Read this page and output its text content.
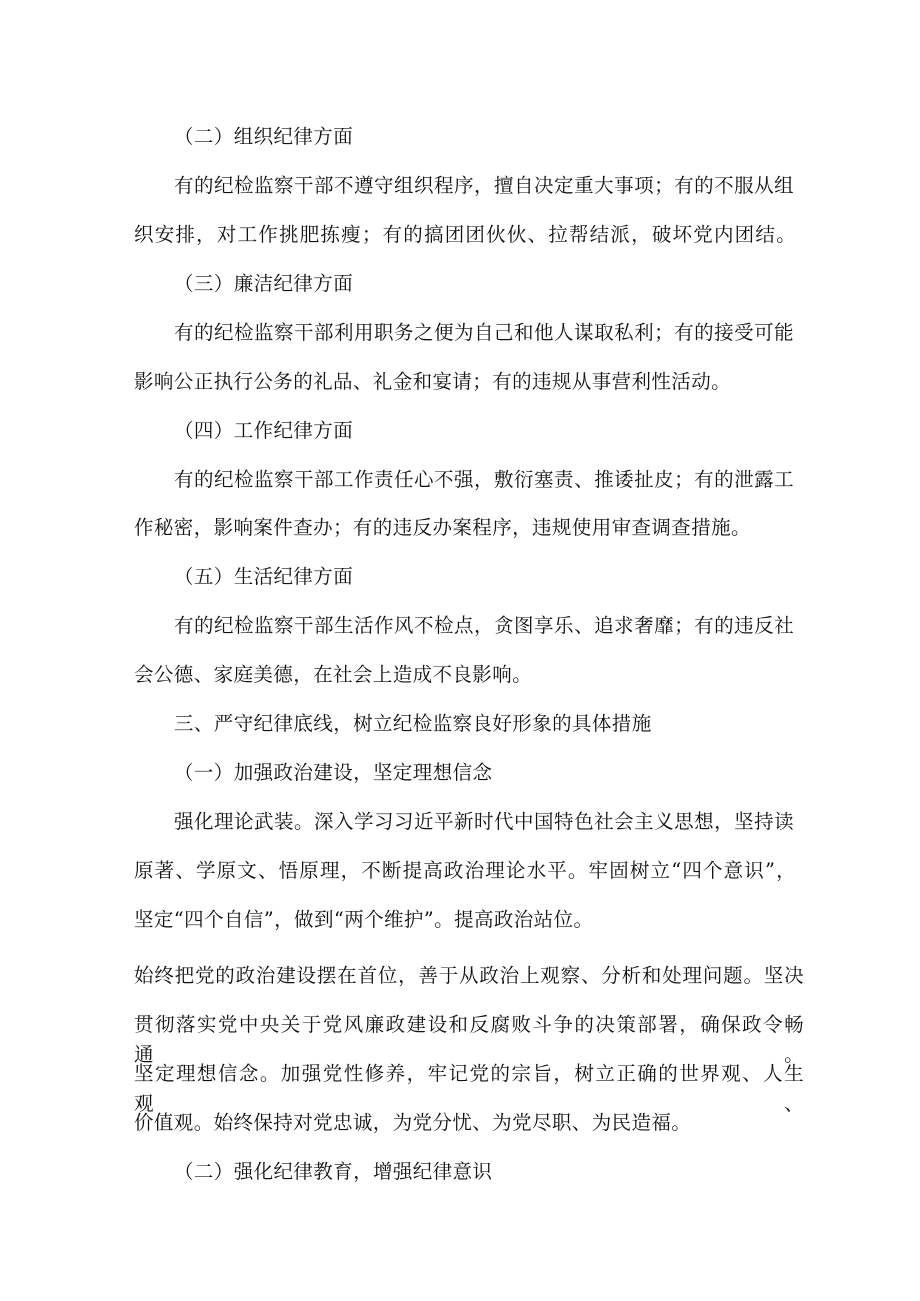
（二）组织纪律方面
有的纪检监察干部不遵守组织程序，擅自决定重大事项；有的不服从组
织安排，对工作挑肥拣瘦；有的搞团团伙伙、拉帮结派，破坏党内团结。
（三）廉洁纪律方面
有的纪检监察干部利用职务之便为自己和他人谋取私利；有的接受可能
影响公正执行公务的礼品、礼金和宴请；有的违规从事营利性活动。
（四）工作纪律方面
有的纪检监察干部工作责任心不强，敷衍塞责、推诿扯皮；有的泄露工
作秘密，影响案件查办；有的违反办案程序，违规使用审查调查措施。
（五）生活纪律方面
有的纪检监察干部生活作风不检点，贪图享乐、追求奢靡；有的违反社
会公德、家庭美德，在社会上造成不良影响。
三、严守纪律底线，树立纪检监察良好形象的具体措施
（一）加强政治建设，坚定理想信念
强化理论武装。深入学习习近平新时代中国特色社会主义思想，坚持读
原著、学原文、悟原理，不断提高政治理论水平。牢固树立“四个意识”，
坚定“四个自信”，做到“两个维护”。提高政治站位。
始终把党的政治建设摆在首位，善于从政治上观察、分析和处理问题。坚决
贯彻落实党中央关于党风廉政建设和反腐败斗争的决策部署，确保政令畅通。
坚定理想信念。加强党性修养，牢记党的宗旨，树立正确的世界观、人生观、
价值观。始终保持对党忠诚，为党分忧、为党尽职、为民造福。
（二）强化纪律教育，增强纪律意识
